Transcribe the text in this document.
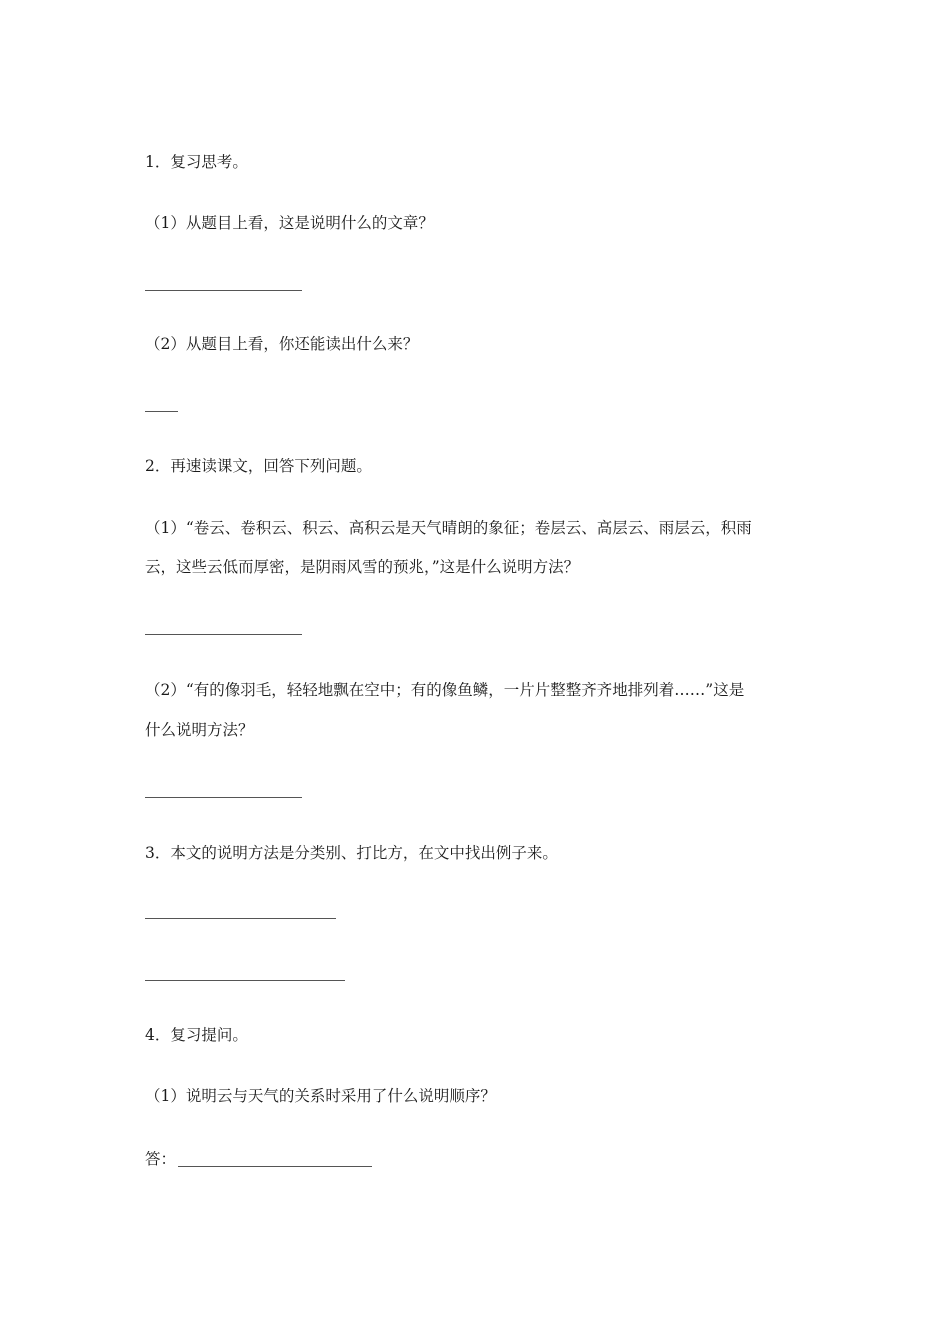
1．复习思考。
（1）从题目上看，这是说明什么的文章？
（2）从题目上看，你还能读出什么来？
2．再速读课文，回答下列问题。
（1）“卷云、卷积云、积云、高积云是天气晴朗的象征；卷层云、高层云、雨层云，积雨
云，这些云低而厚密，是阴雨风雪的预兆，”这是什么说明方法？
（2）“有的像羽毛，轻轻地飘在空中；有的像鱼鳞，一片片整整齐齐地排列着……”这是
什么说明方法？
3．本文的说明方法是分类别、打比方，在文中找出例子来。
4．复习提问。
（1）说明云与天气的关系时采用了什么说明顺序？
答：
